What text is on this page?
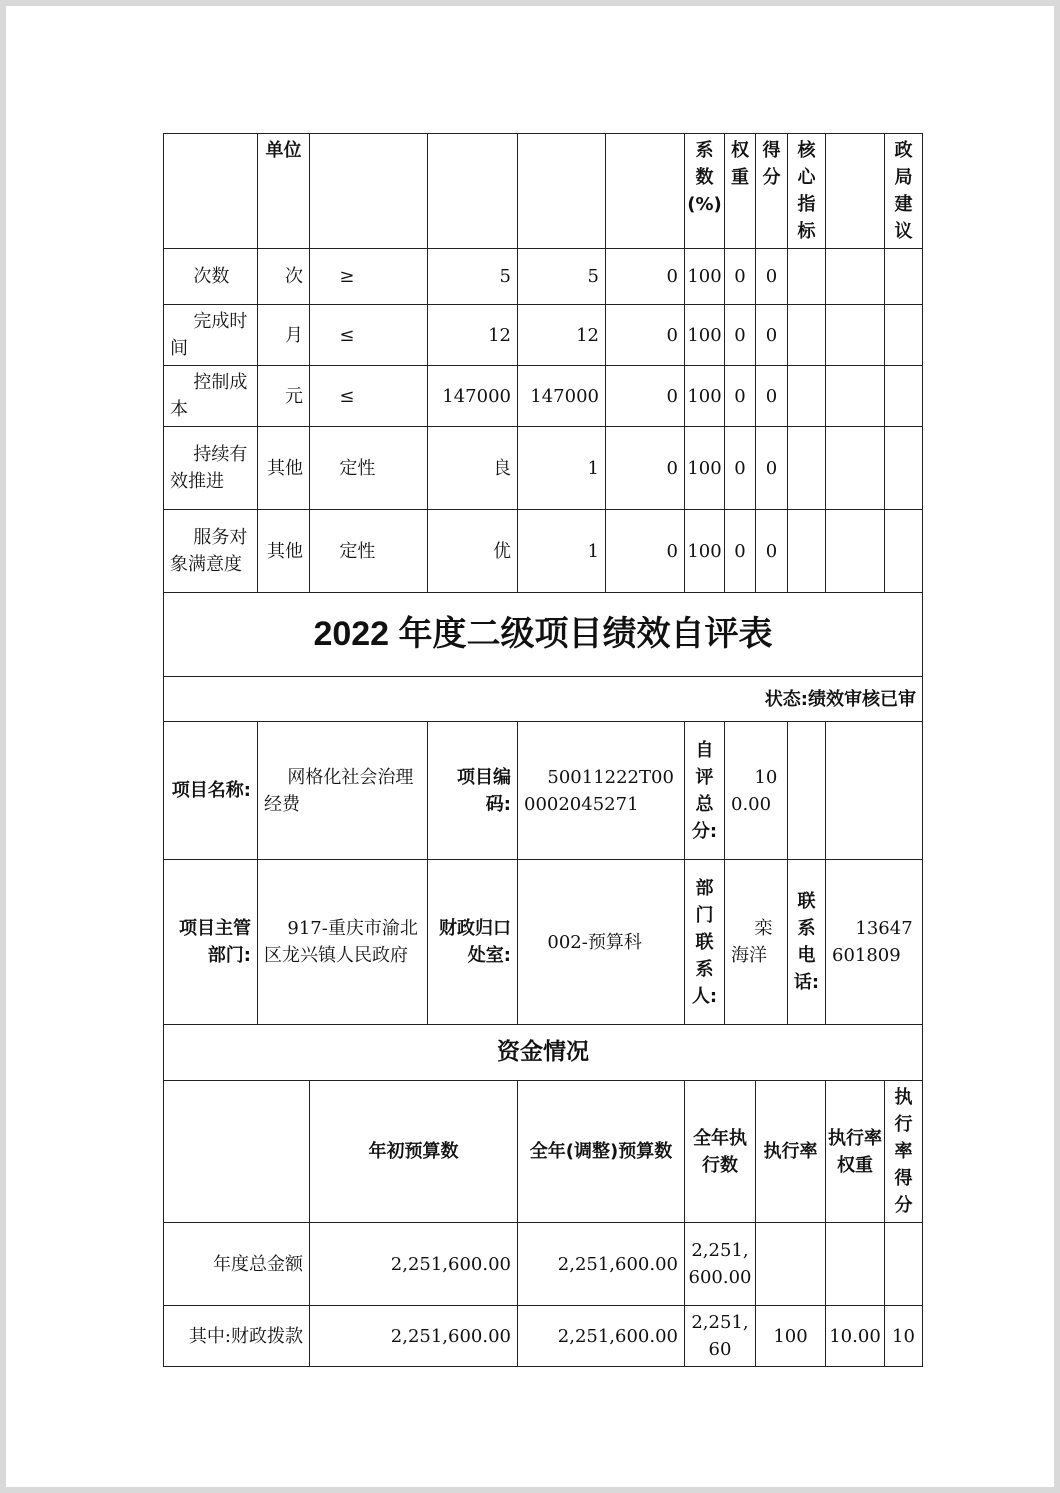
	单位					系数(%)	权重	得分	核心指标		政局建议
次数	次	≥	5	5	0	100	0	0			
完成时间	月	≤	12	12	0	100	0	0			
控制成本	元	≤	147000	147000	0	100	0	0			
持续有效推进	其他	定性	良	1	0	100	0	0			
服务对象满意度	其他	定性	优	1	0	100	0	0			
2022 年度二级项目绩效自评表											
状态:绩效审核已审											
项目名称:	网格化社会治理经费		项目编码:	50011222T000002045271		自评总分:	100.00				
项目主管部门:	917-重庆市渝北区龙兴镇人民政府		财政归口处室:	002-预算科		部门联系人:	栾海洋		联系电话:	13647601809	
资金情况											
		年初预算数		全年(调整)预算数		全年执行数		执行率		执行率权重	执行率得分
年度总金额		2,251,600.00		2,251,600.00		2,251,600.00					
其中:财政拨款		2,251,600.00		2,251,600.00		2,251,60		100		10.00	10
